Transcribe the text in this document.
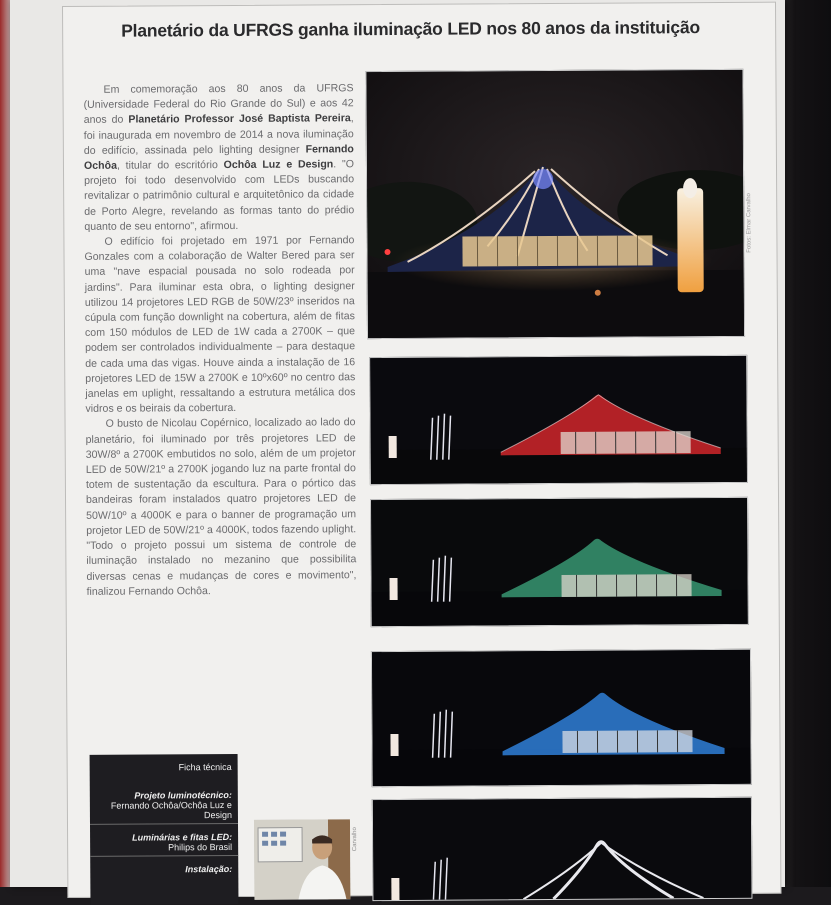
Planetário da UFRGS ganha iluminação LED nos 80 anos da instituição

Em comemoração aos 80 anos da UFRGS (Universidade Federal do Rio Grande do Sul) e aos 42 anos do Planetário Professor José Baptista Pereira, foi inaugurada em novembro de 2014 a nova iluminação do edifício, assinada pelo lighting designer Fernando Ochôa, titular do escritório Ochôa Luz e Design. "O projeto foi todo desenvolvido com LEDs buscando revitalizar o patrimônio cultural e arquitetônico da cidade de Porto Alegre, revelando as formas tanto do prédio quanto de seu entorno", afirmou.

O edifício foi projetado em 1971 por Fernando Gonzales com a colaboração de Walter Bered para ser uma "nave espacial pousada no solo rodeada por jardins". Para iluminar esta obra, o lighting designer utilizou 14 projetores LED RGB de 50W/23º inseridos na cúpula com função downlight na cobertura, além de fitas com 150 módulos de LED de 1W cada a 2700K – que podem ser controlados individualmente – para destaque de cada uma das vigas. Houve ainda a instalação de 16 projetores LED de 15W a 2700K e 10ºx60º no centro das janelas em uplight, ressaltando a estrutura metálica dos vidros e os beirais da cobertura.

O busto de Nicolau Copérnico, localizado ao lado do planetário, foi iluminado por três projetores LED de 30W/8º a 2700K embutidos no solo, além de um projetor LED de 50W/21º a 2700K jogando luz na parte frontal do totem de sustentação da escultura. Para o pórtico das bandeiras foram instalados quatro projetores LED de 50W/10º a 4000K e para o banner de programação um projetor LED de 50W/21º a 4000K, todos fazendo uplight. "Todo o projeto possui um sistema de controle de iluminação instalado no mezanino que possibilita diversas cenas e mudanças de cores e movimento", finalizou Fernando Ochôa.

Fotos: Elmar Carvalho
Ficha técnica
Projeto luminotécnico:
Fernando Ochôa/Ochôa Luz e Design
Luminárias e fitas LED:
Philips do Brasil
Instalação:
Carvalho
